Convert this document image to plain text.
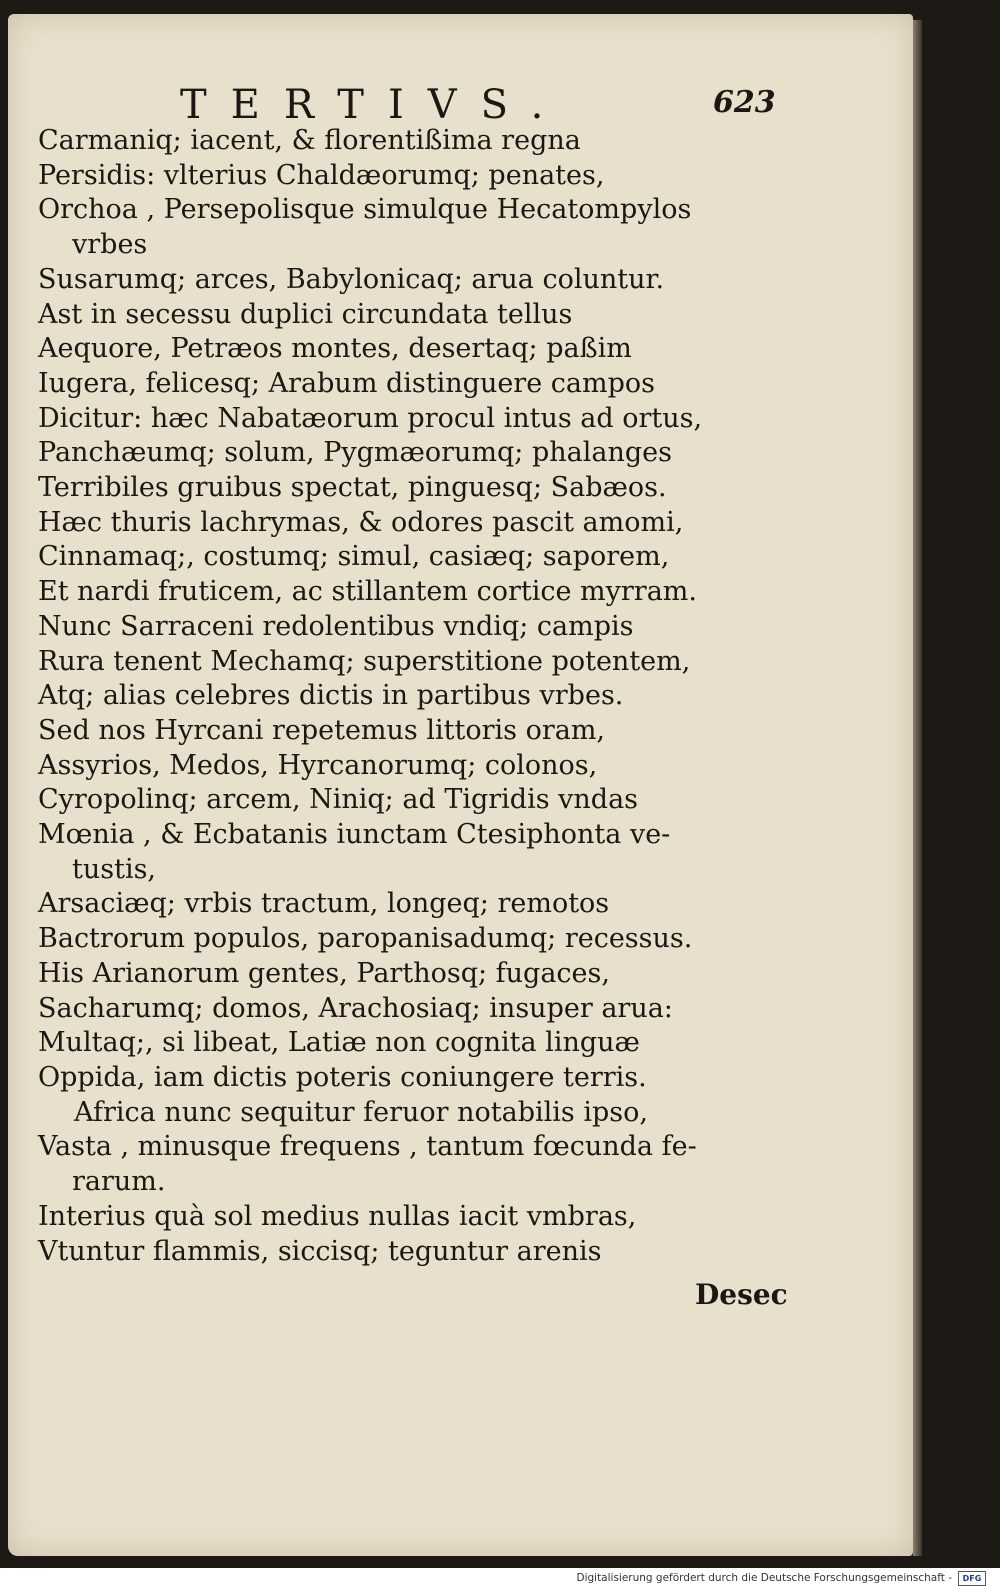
TERTIVS.	623
Carmaniq; iacent, & florentißima regna
Persidis: vlterius Chaldæorumq; penates,
Orchoa , Persepolisque simulque Hecatompylos
vrbes
Susarumq; arces, Babylonicaq; arua coluntur.
Ast in secessu duplici circundata tellus
Aequore, Petræos montes, desertaq; paßim
Iugera, felicesq; Arabum distinguere campos
Dicitur: hæc Nabatæorum procul intus ad ortus,
Panchæumq; solum, Pygmæorumq; phalanges
Terribiles gruibus spectat, pinguesq; Sabæos.
Hæc thuris lachrymas, & odores pascit amomi,
Cinnamaq;, costumq; simul, casiæq; saporem,
Et nardi fruticem, ac stillantem cortice myrram.
Nunc Sarraceni redolentibus vndiq; campis
Rura tenent Mechamq; superstitione potentem,
Atq; alias celebres dictis in partibus vrbes.
Sed nos Hyrcani repetemus littoris oram,
Assyrios, Medos, Hyrcanorumq; colonos,
Cyropolinq; arcem, Niniq; ad Tigridis vndas
Mœnia , & Ecbatanis iunctam Ctesiphonta ve-
tustis,
Arsaciæq; vrbis tractum, longeq; remotos
Bactrorum populos, paropanisadumq; recessus.
His Arianorum gentes, Parthosq; fugaces,
Sacharumq; domos, Arachosiaq; insuper arua:
Multaq;, si libeat, Latiæ non cognita linguæ
Oppida, iam dictis poteris coniungere terris.
Africa nunc sequitur feruor notabilis ipso,
Vasta , minusque frequens , tantum fœcunda fe-
rarum.
Interius quà sol medius nullas iacit vmbras,
Vtuntur flammis, siccisq; teguntur arenis
Desec
Digitalisierung gefördert durch die Deutsche Forschungsgemeinschaft -	DFG
